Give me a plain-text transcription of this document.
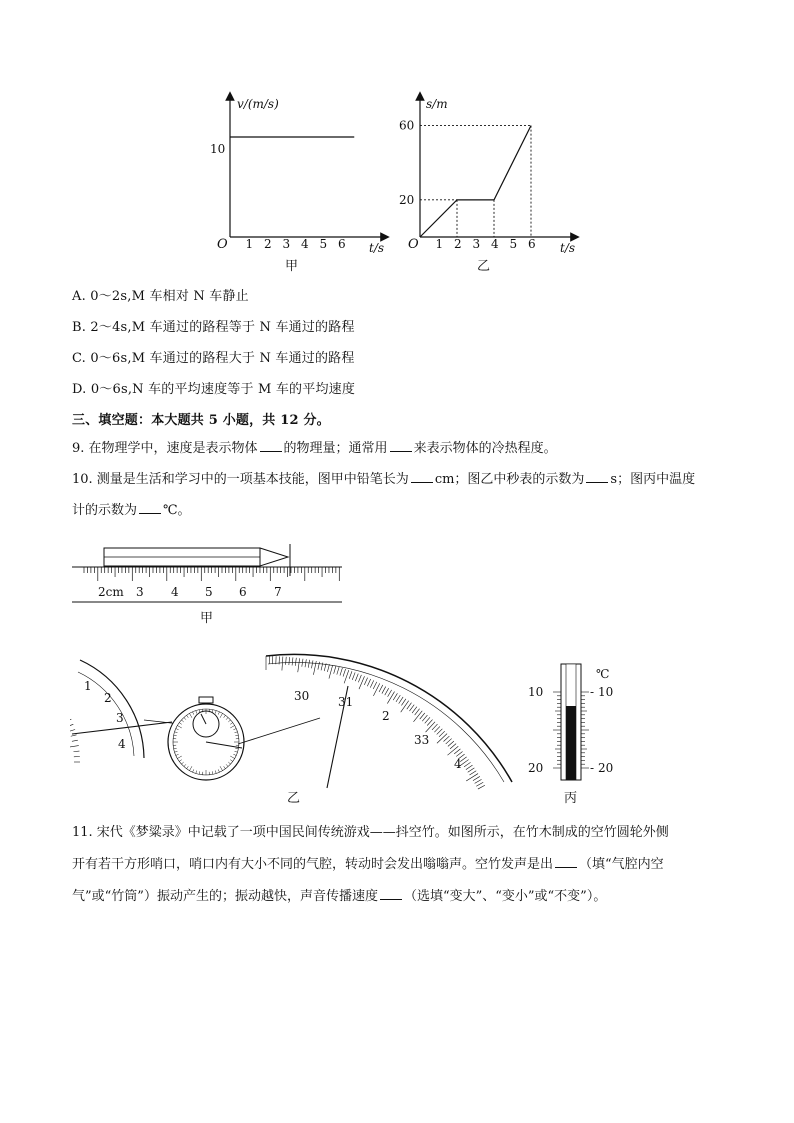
v/(m/s)
t/s
O
10
1 2 3 4 5 6
甲
s/m
t/s
O
20
60
1 2 3 4 5 6
乙
A. 0～2s,M 车相对 N 车静止
B. 2～4s,M 车通过的路程等于 N 车通过的路程
C. 0～6s,M 车通过的路程大于 N 车通过的路程
D. 0～6s,N 车的平均速度等于 M 车的平均速度
三、填空题：本大题共 5 小题，共 12 分。
9. 在物理学中，速度是表示物体 的物理量；通常用 来表示物体的冷热程度。
10. 测量是生活和学习中的一项基本技能，图甲中铅笔长为 cm；图乙中秒表的示数为 s；图丙中温度
计的示数为 ℃。
2cm 3 4 5 6 7
甲
1
2
3
4
30 31
2
33
4
乙
℃
10
20
10
20
-
-
丙
11. 宋代《梦粱录》中记载了一项中国民间传统游戏——抖空竹。如图所示，在竹木制成的空竹圆轮外侧
开有若干方形哨口，哨口内有大小不同的气腔，转动时会发出嗡嗡声。空竹发声是出 （填“气腔内空
气”或“竹筒”）振动产生的；振动越快，声音传播速度 （选填“变大”、“变小”或“不变”）。
